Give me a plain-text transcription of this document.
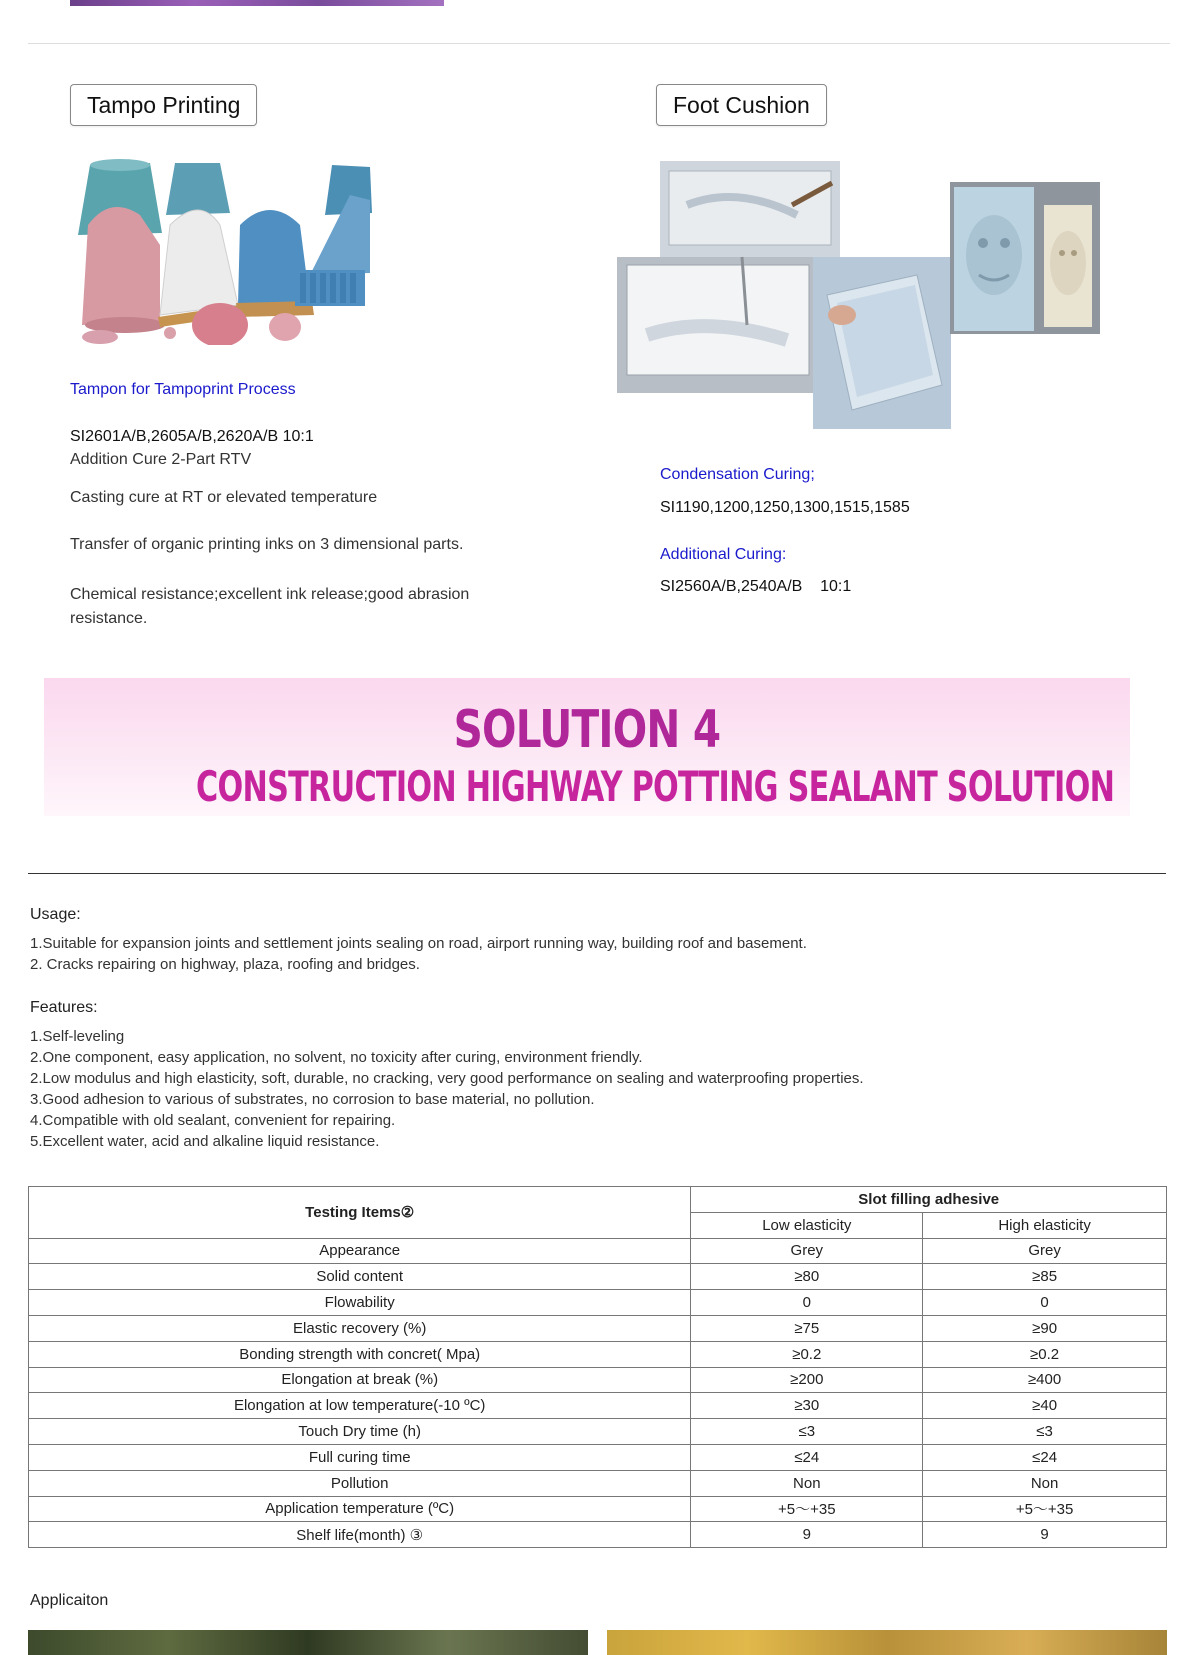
Tampo Printing
Tampon for Tampoprint Process
SI2601A/B,2605A/B,2620A/B 10:1
Addition Cure 2-Part RTV
Casting cure at RT or elevated temperature
Transfer of organic printing inks on 3 dimensional parts.
Chemical resistance;excellent ink release;good abrasion resistance.
Foot Cushion
Condensation Curing;
SI1190,1200,1250,1300,1515,1585
Additional Curing:
SI2560A/B,2540A/B    10:1
SOLUTION 4
CONSTRUCTION HIGHWAY POTTING SEALANT SOLUTION
Usage:
1.Suitable for expansion joints and settlement joints sealing on road, airport running way, building roof and basement.
2. Cracks repairing on highway, plaza, roofing and bridges.
Features:
1.Self-leveling
2.One component, easy application, no solvent, no toxicity after curing, environment friendly.
2.Low modulus and high elasticity, soft, durable, no cracking, very good performance on sealing and waterproofing properties.
3.Good adhesion to various of substrates, no corrosion to base material, no pollution.
4.Compatible with old sealant, convenient for repairing.
5.Excellent water, acid and alkaline liquid resistance.
Testing Items②	Slot filling adhesive	
	Low elasticity	High elasticity
Appearance	Grey	Grey
Solid content	≥80	≥85
Flowability	0	0
Elastic recovery (%)	≥75	≥90
Bonding strength with concret( Mpa)	≥0.2	≥0.2
Elongation at break (%)	≥200	≥400
Elongation at low temperature(-10 ºC)	≥30	≥40
Touch Dry time (h)	≤3	≤3
Full curing time	≤24	≤24
Pollution	Non	Non
Application temperature (ºC)	+5～+35	+5～+35
Shelf life(month) ③	9	9
Applicaiton
